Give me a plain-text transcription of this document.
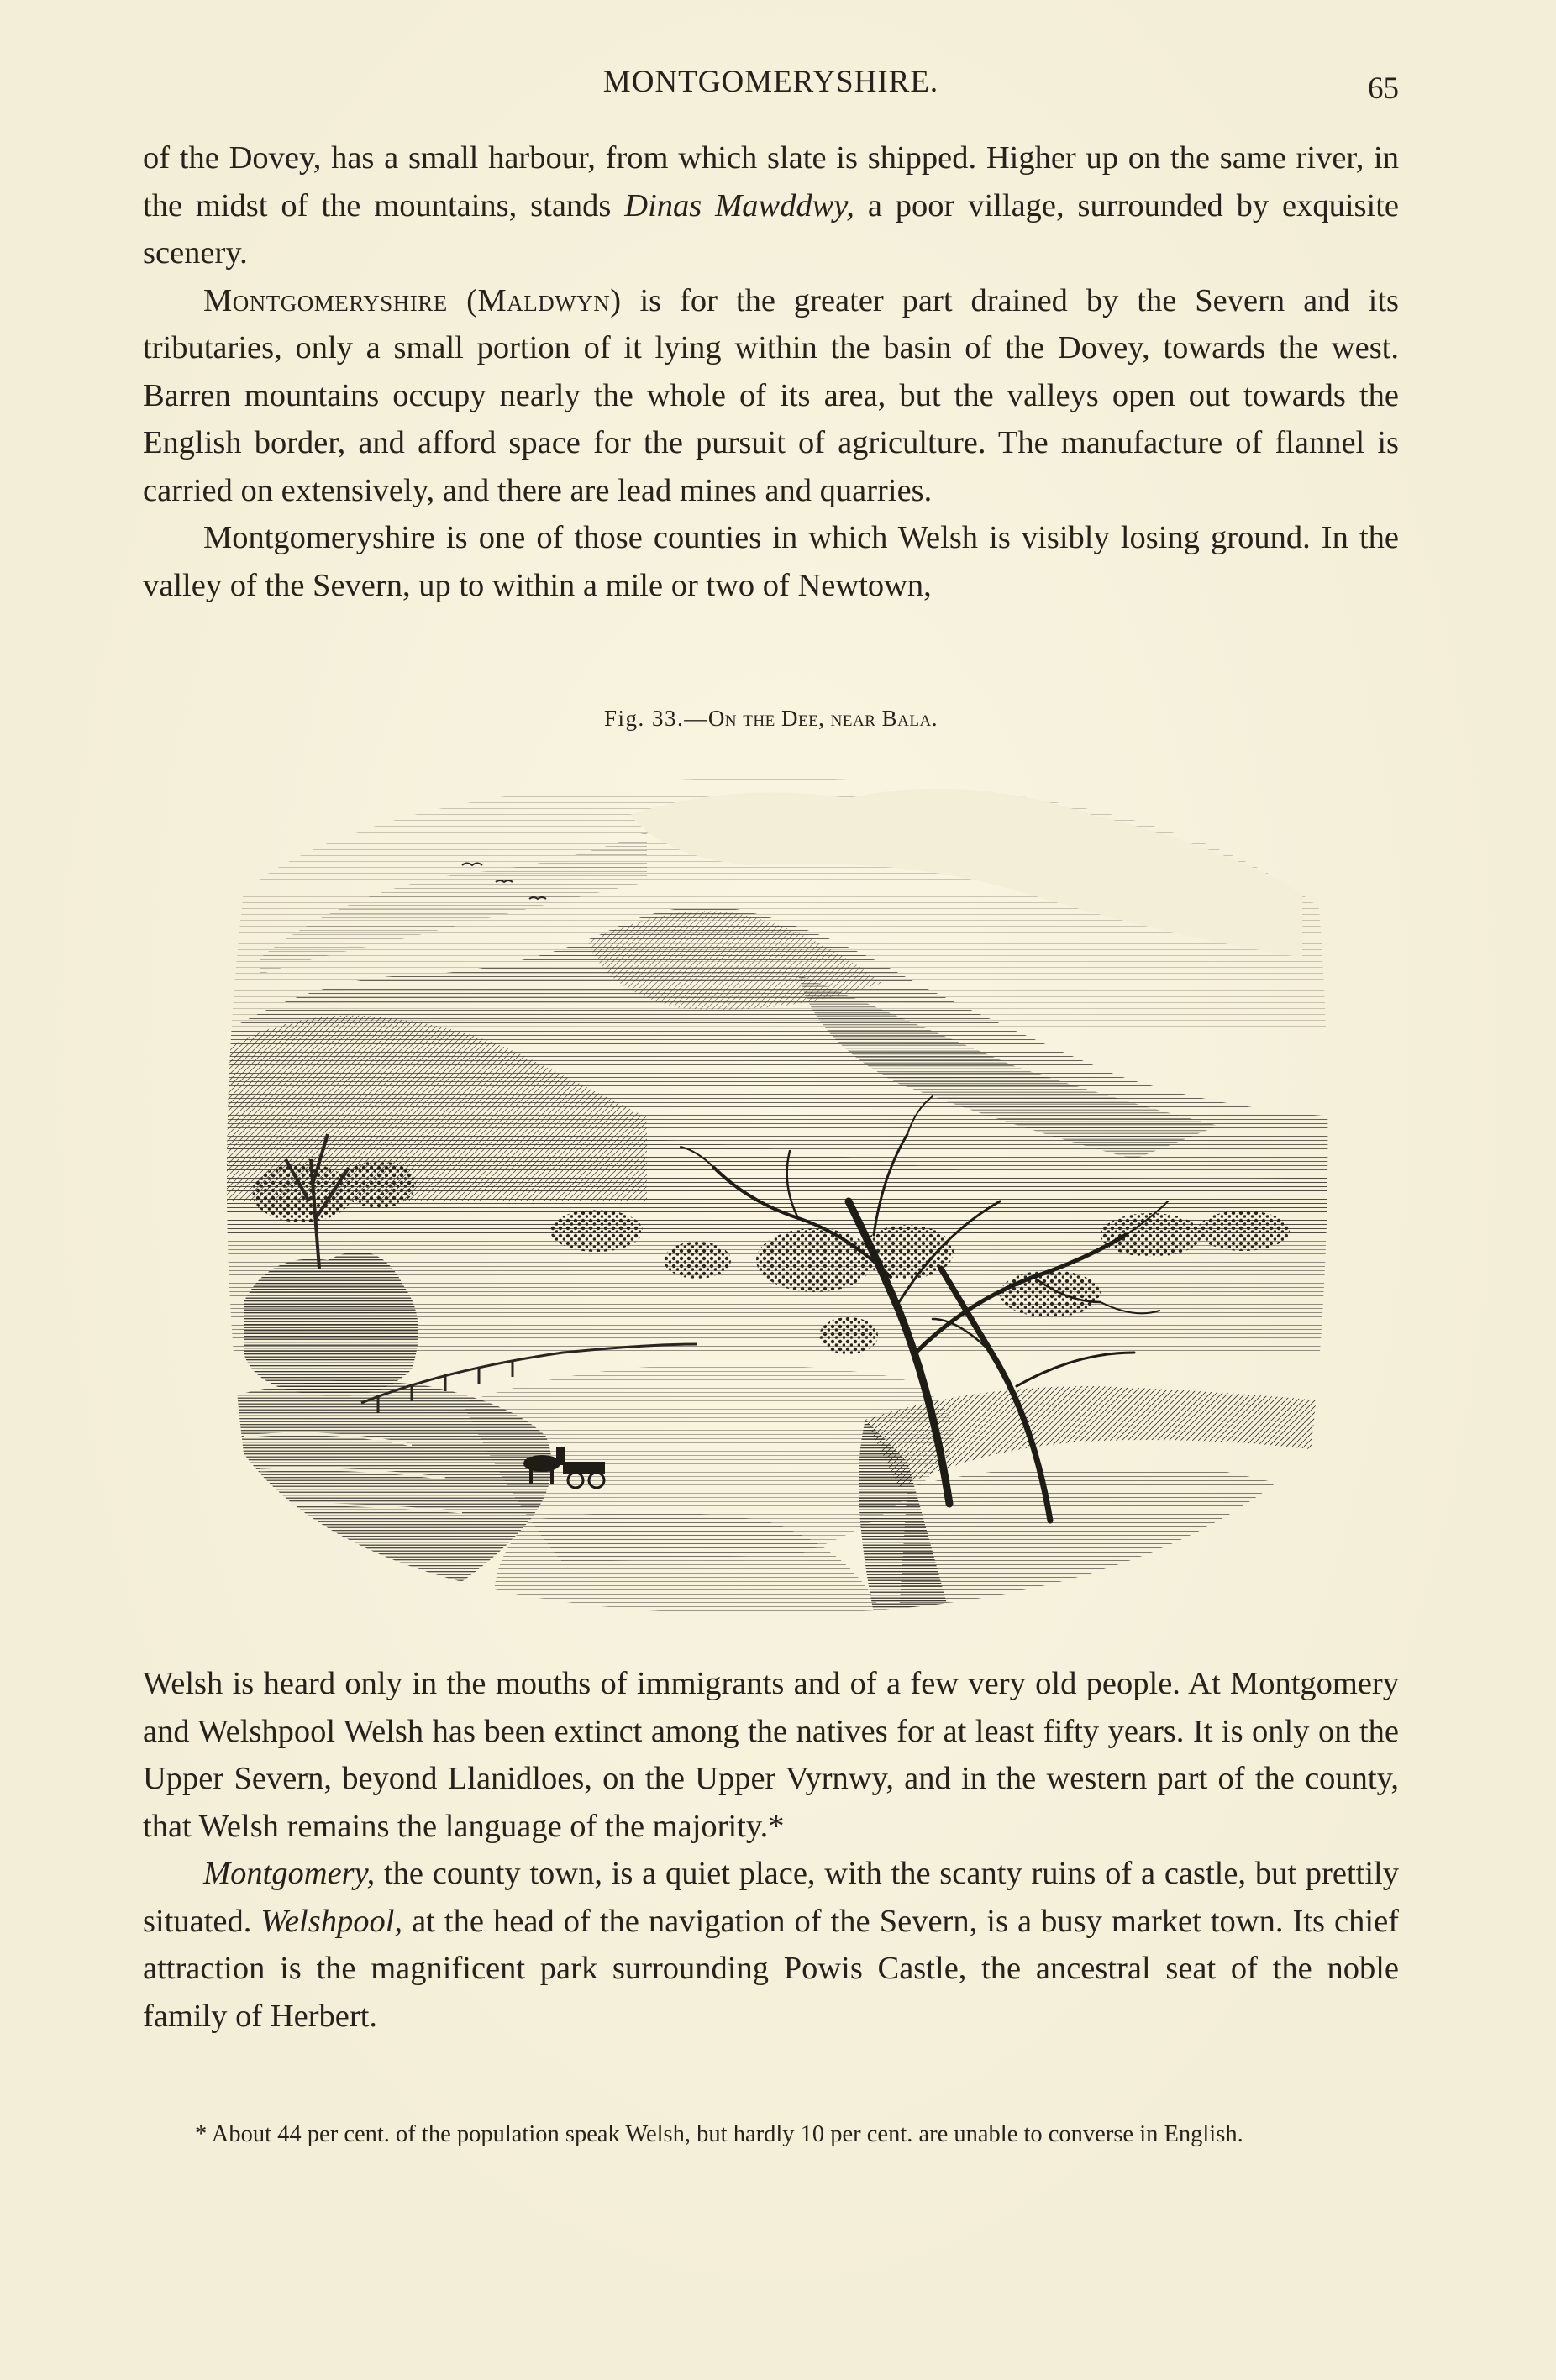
MONTGOMERYSHIRE.	65

of the Dovey, has a small harbour, from which slate is shipped. Higher up on the same river, in the midst of the mountains, stands Dinas Mawddwy, a poor village, surrounded by exquisite scenery.

Montgomeryshire (Maldwyn) is for the greater part drained by the Severn and its tributaries, only a small portion of it lying within the basin of the Dovey, towards the west. Barren mountains occupy nearly the whole of its area, but the valleys open out towards the English border, and afford space for the pursuit of agriculture. The manufacture of flannel is carried on extensively, and there are lead mines and quarries.

Montgomeryshire is one of those counties in which Welsh is visibly losing ground. In the valley of the Severn, up to within a mile or two of Newtown,

Fig. 33.—On the Dee, near Bala.

Welsh is heard only in the mouths of immigrants and of a few very old people. At Montgomery and Welshpool Welsh has been extinct among the natives for at least fifty years. It is only on the Upper Severn, beyond Llanidloes, on the Upper Vyrnwy, and in the western part of the county, that Welsh remains the language of the majority.*

Montgomery, the county town, is a quiet place, with the scanty ruins of a castle, but prettily situated. Welshpool, at the head of the navigation of the Severn, is a busy market town. Its chief attraction is the magnificent park surrounding Powis Castle, the ancestral seat of the noble family of Herbert.

* About 44 per cent. of the population speak Welsh, but hardly 10 per cent. are unable to converse in English.
